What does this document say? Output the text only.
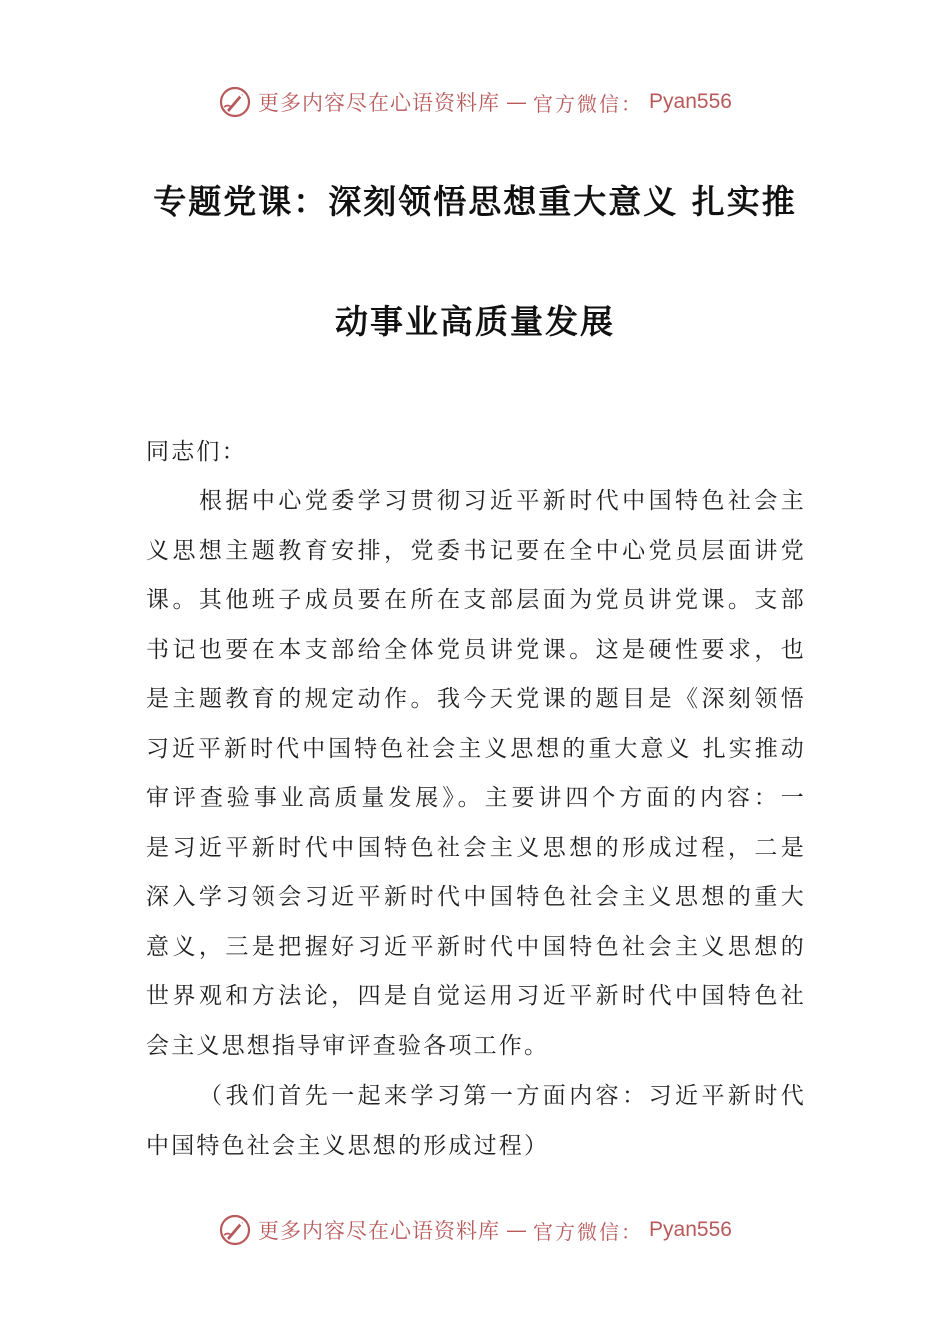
更多内容尽在心语资料库 — 官方微信： Pyan556
专题党课：深刻领悟思想重大意义 扎实推
动事业高质量发展
同志们：
根据中心党委学习贯彻习近平新时代中国特色社会主
义思想主题教育安排，党委书记要在全中心党员层面讲党
课。其他班子成员要在所在支部层面为党员讲党课。支部
书记也要在本支部给全体党员讲党课。这是硬性要求，也
是主题教育的规定动作。我今天党课的题目是《深刻领悟
习近平新时代中国特色社会主义思想的重大意义 扎实推动
审评查验事业高质量发展》。主要讲四个方面的内容：一
是习近平新时代中国特色社会主义思想的形成过程，二是
深入学习领会习近平新时代中国特色社会主义思想的重大
意义，三是把握好习近平新时代中国特色社会主义思想的
世界观和方法论，四是自觉运用习近平新时代中国特色社
会主义思想指导审评查验各项工作。
（我们首先一起来学习第一方面内容：习近平新时代
中国特色社会主义思想的形成过程）
更多内容尽在心语资料库 — 官方微信： Pyan556
